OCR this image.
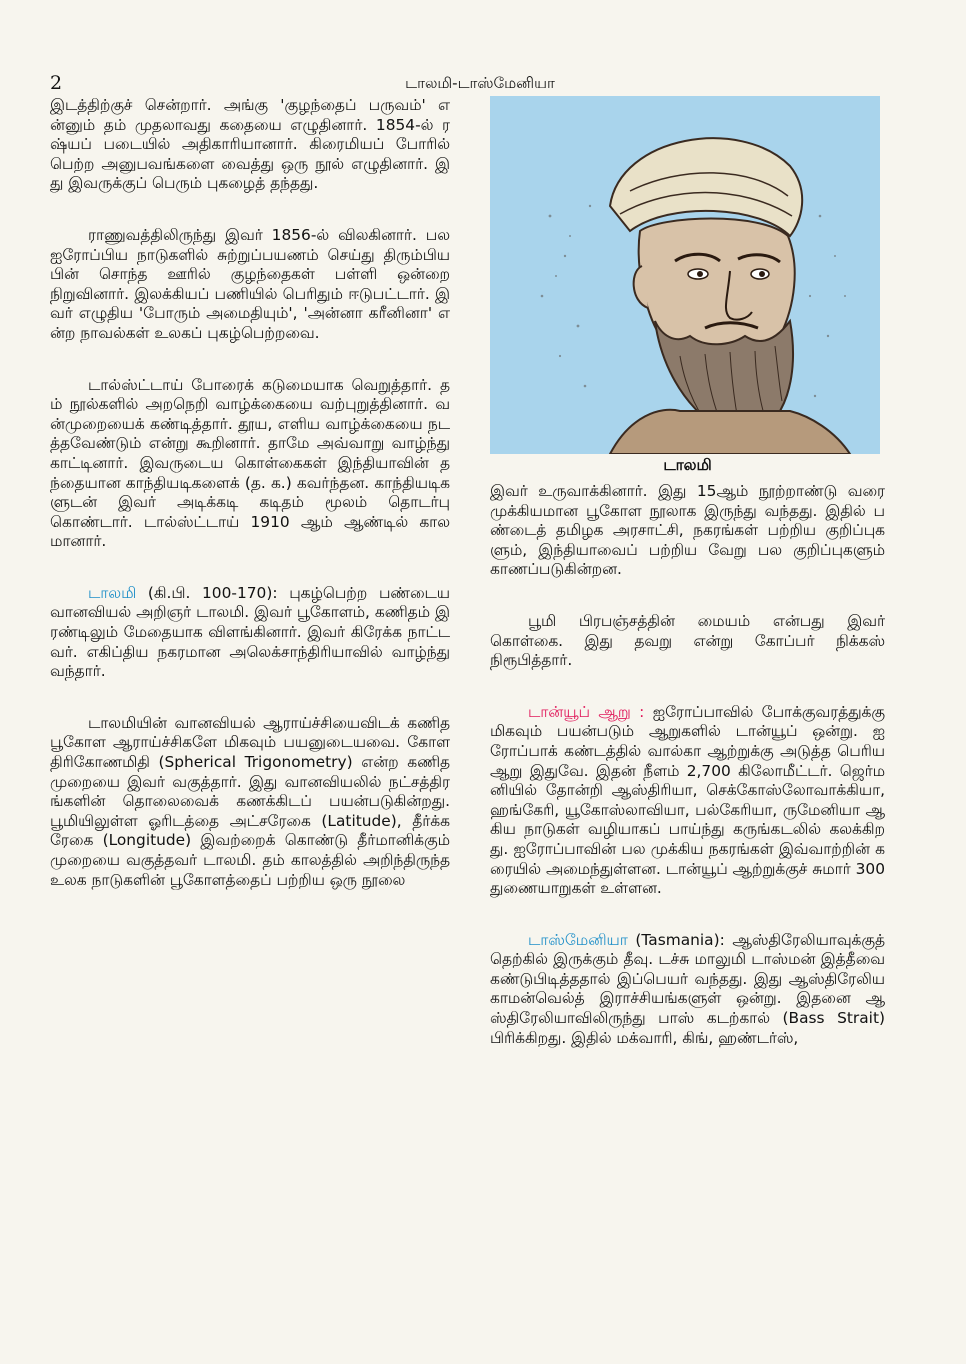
2	டாலமி-டாஸ்மேனியா

இடத்திற்குச் சென்றார். அங்கு 'குழந்தைப் பருவம்' என்னும் தம் முதலாவது கதையை எழுதினார். 1854-ல் ரஷ்யப் படையில் அதிகாரியானார். கிரைமியப் போரில் பெற்ற அனுபவங்களை வைத்து ஒரு நூல் எழுதினார். இது இவருக்குப் பெரும் புகழைத் தந்தது.

ராணுவத்திலிருந்து இவர் 1856-ல் விலகினார். பல ஐரோப்பிய நாடுகளில் சுற்றுப்பயணம் செய்து திரும்பியபின் சொந்த ஊரில் குழந்தைகள் பள்ளி ஒன்றை நிறுவினார். இலக்கியப் பணியில் பெரிதும் ஈடுபட்டார். இவர் எழுதிய 'போரும் அமைதியும்', 'அன்னா கரீனினா' என்ற நாவல்கள் உலகப் புகழ்பெற்றவை.

டால்ஸ்ட்டாய் போரைக் கடுமையாக வெறுத்தார். தம் நூல்களில் அறநெறி வாழ்க்கையை வற்புறுத்தினார். வன்முறையைக் கண்டித்தார். தூய, எளிய வாழ்க்கையை நடத்தவேண்டும் என்று கூறினார். தாமே அவ்வாறு வாழ்ந்து காட்டினார். இவருடைய கொள்கைகள் இந்தியாவின் தந்தையான காந்தியடிகளைக் (த. க.) கவர்ந்தன. காந்தியடிகளுடன் இவர் அடிக்கடி கடிதம் மூலம் தொடர்பு கொண்டார். டால்ஸ்ட்டாய் 1910 ஆம் ஆண்டில் காலமானார்.

டாலமி (கி.பி. 100-170): புகழ்பெற்ற பண்டைய வானவியல் அறிஞர் டாலமி. இவர் பூகோளம், கணிதம் இரண்டிலும் மேதையாக விளங்கினார். இவர் கிரேக்க நாட்டவர். எகிப்திய நகரமான அலெக்சாந்திரியாவில் வாழ்ந்து வந்தார்.

டாலமியின் வானவியல் ஆராய்ச்சியைவிடக் கணித பூகோள ஆராய்ச்சிகளே மிகவும் பயனுடையவை. கோள திரிகோணமிதி (Spherical Trigonometry) என்ற கணித முறையை இவர் வகுத்தார். இது வானவியலில் நட்சத்திரங்களின் தொலைவைக் கணக்கிடப் பயன்படுகின்றது. பூமியிலுள்ள ஓரிடத்தை அட்சரேகை (Latitude), தீர்க்க ரேகை (Longitude) இவற்றைக் கொண்டு தீர்மானிக்கும் முறையை வகுத்தவர் டாலமி. தம் காலத்தில் அறிந்திருந்த உலக நாடுகளின் பூகோளத்தைப் பற்றிய ஒரு நூலை

டாலமி

இவர் உருவாக்கினார். இது 15ஆம் நூற்றாண்டு வரை முக்கியமான பூகோள நூலாக இருந்து வந்தது. இதில் பண்டைத் தமிழக அரசாட்சி, நகரங்கள் பற்றிய குறிப்புகளும், இந்தியாவைப் பற்றிய வேறு பல குறிப்புகளும் காணப்படுகின்றன.

பூமி பிரபஞ்சத்தின் மையம் என்பது இவர் கொள்கை. இது தவறு என்று கோப்பர் நிக்கஸ் நிரூபித்தார்.

டான்யூப் ஆறு : ஐரோப்பாவில் போக்குவரத்துக்கு மிகவும் பயன்படும் ஆறுகளில் டான்யூப் ஒன்று. ஐரோப்பாக் கண்டத்தில் வால்கா ஆற்றுக்கு அடுத்த பெரிய ஆறு இதுவே. இதன் நீளம் 2,700 கிலோமீட்டர். ஜெர்மனியில் தோன்றி ஆஸ்திரியா, செக்கோஸ்லோவாக்கியா, ஹங்கேரி, யூகோஸ்லாவியா, பல்கேரியா, ருமேனியா ஆகிய நாடுகள் வழியாகப் பாய்ந்து கருங்கடலில் கலக்கிறது. ஐரோப்பாவின் பல முக்கிய நகரங்கள் இவ்வாற்றின் கரையில் அமைந்துள்ளன. டான்யூப் ஆற்றுக்குச் சுமார் 300 துணையாறுகள் உள்ளன.

டாஸ்மேனியா (Tasmania): ஆஸ்திரேலியாவுக்குத் தெற்கில் இருக்கும் தீவு. டச்சு மாலுமி டாஸ்மன் இத்தீவை கண்டுபிடித்ததால் இப்பெயர் வந்தது. இது ஆஸ்திரேலிய காமன்வெல்த் இராச்சியங்களுள் ஒன்று. இதனை ஆஸ்திரேலியாவிலிருந்து பாஸ் கடற்கால் (Bass Strait) பிரிக்கிறது. இதில் மக்வாரி, கிங், ஹண்டர்ஸ்,
